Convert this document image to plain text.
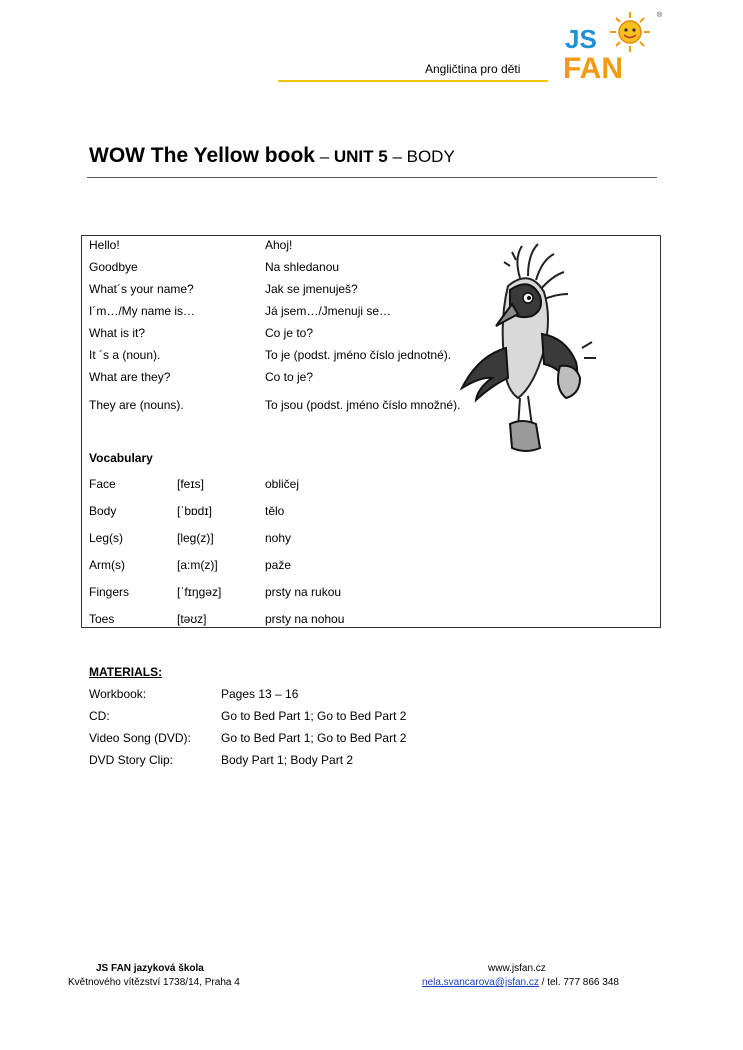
Angličtina pro děti
JS
FAN
®
WOW The Yellow book – UNIT 5 – BODY
Hello!	Ahoj!
Goodbye	Na shledanou
What´s your name?	Jak se jmenuješ?
I´m…/My name is…	Já jsem…/Jmenuji se…
What is it?	Co je to?
It ´s a (noun).	To je (podst. jméno číslo jednotné).
What are they?	Co to je?
They are (nouns).	To jsou (podst. jméno číslo množné).
Vocabulary
Face	[feɪs]	obličej
Body	[ˈbɒdɪ]	tělo
Leg(s)	[leg(z)]	nohy
Arm(s)	[a:m(z)]	paže
Fingers	[ˈfɪŋgəz]	prsty na rukou
Toes	[təʊz]	prsty na nohou
MATERIALS:
Workbook:	Pages 13 – 16
CD:	Go to Bed Part 1; Go to Bed Part 2
Video Song (DVD):	Go to Bed Part 1; Go to Bed Part 2
DVD Story Clip:	Body Part 1; Body Part 2
JS FAN jazyková škola
Květnového vítězství 1738/14, Praha 4
www.jsfan.cz
nela.svancarova@jsfan.cz / tel. 777 866 348
